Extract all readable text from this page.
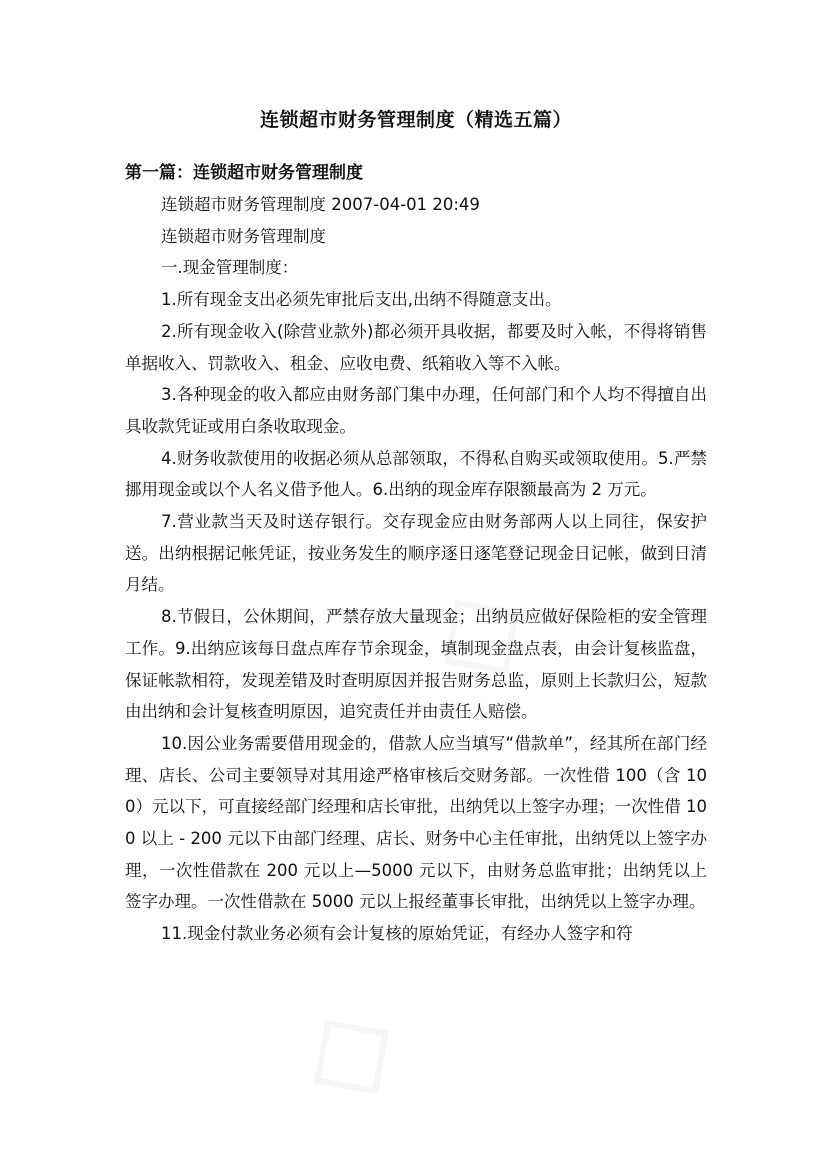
连锁超市财务管理制度（精选五篇）
第一篇：连锁超市财务管理制度

连锁超市财务管理制度 2007-04-01 20:49

连锁超市财务管理制度

一.现金管理制度：

1.所有现金支出必须先审批后支出,出纳不得随意支出。

2.所有现金收入(除营业款外)都必须开具收据，都要及时入帐，不得将销售单据收入、罚款收入、租金、应收电费、纸箱收入等不入帐。

3.各种现金的收入都应由财务部门集中办理，任何部门和个人均不得擅自出具收款凭证或用白条收取现金。

4.财务收款使用的收据必须从总部领取，不得私自购买或领取使用。5.严禁挪用现金或以个人名义借予他人。6.出纳的现金库存限额最高为 2 万元。

7.营业款当天及时送存银行。交存现金应由财务部两人以上同往，保安护送。出纳根据记帐凭证，按业务发生的顺序逐日逐笔登记现金日记帐，做到日清月结。

8.节假日，公休期间，严禁存放大量现金；出纳员应做好保险柜的安全管理工作。9.出纳应该每日盘点库存节余现金，填制现金盘点表，由会计复核监盘，保证帐款相符，发现差错及时查明原因并报告财务总监，原则上长款归公，短款由出纳和会计复核查明原因，追究责任并由责任人赔偿。

10.因公业务需要借用现金的，借款人应当填写“借款单”，经其所在部门经理、店长、公司主要领导对其用途严格审核后交财务部。一次性借 100（含 100）元以下，可直接经部门经理和店长审批，出纳凭以上签字办理；一次性借 100 以上 - 200 元以下由部门经理、店长、财务中心主任审批，出纳凭以上签字办理，一次性借款在 200 元以上—5000 元以下，由财务总监审批；出纳凭以上签字办理。一次性借款在 5000 元以上报经董事长审批，出纳凭以上签字办理。

11.现金付款业务必须有会计复核的原始凭证，有经办人签字和符
